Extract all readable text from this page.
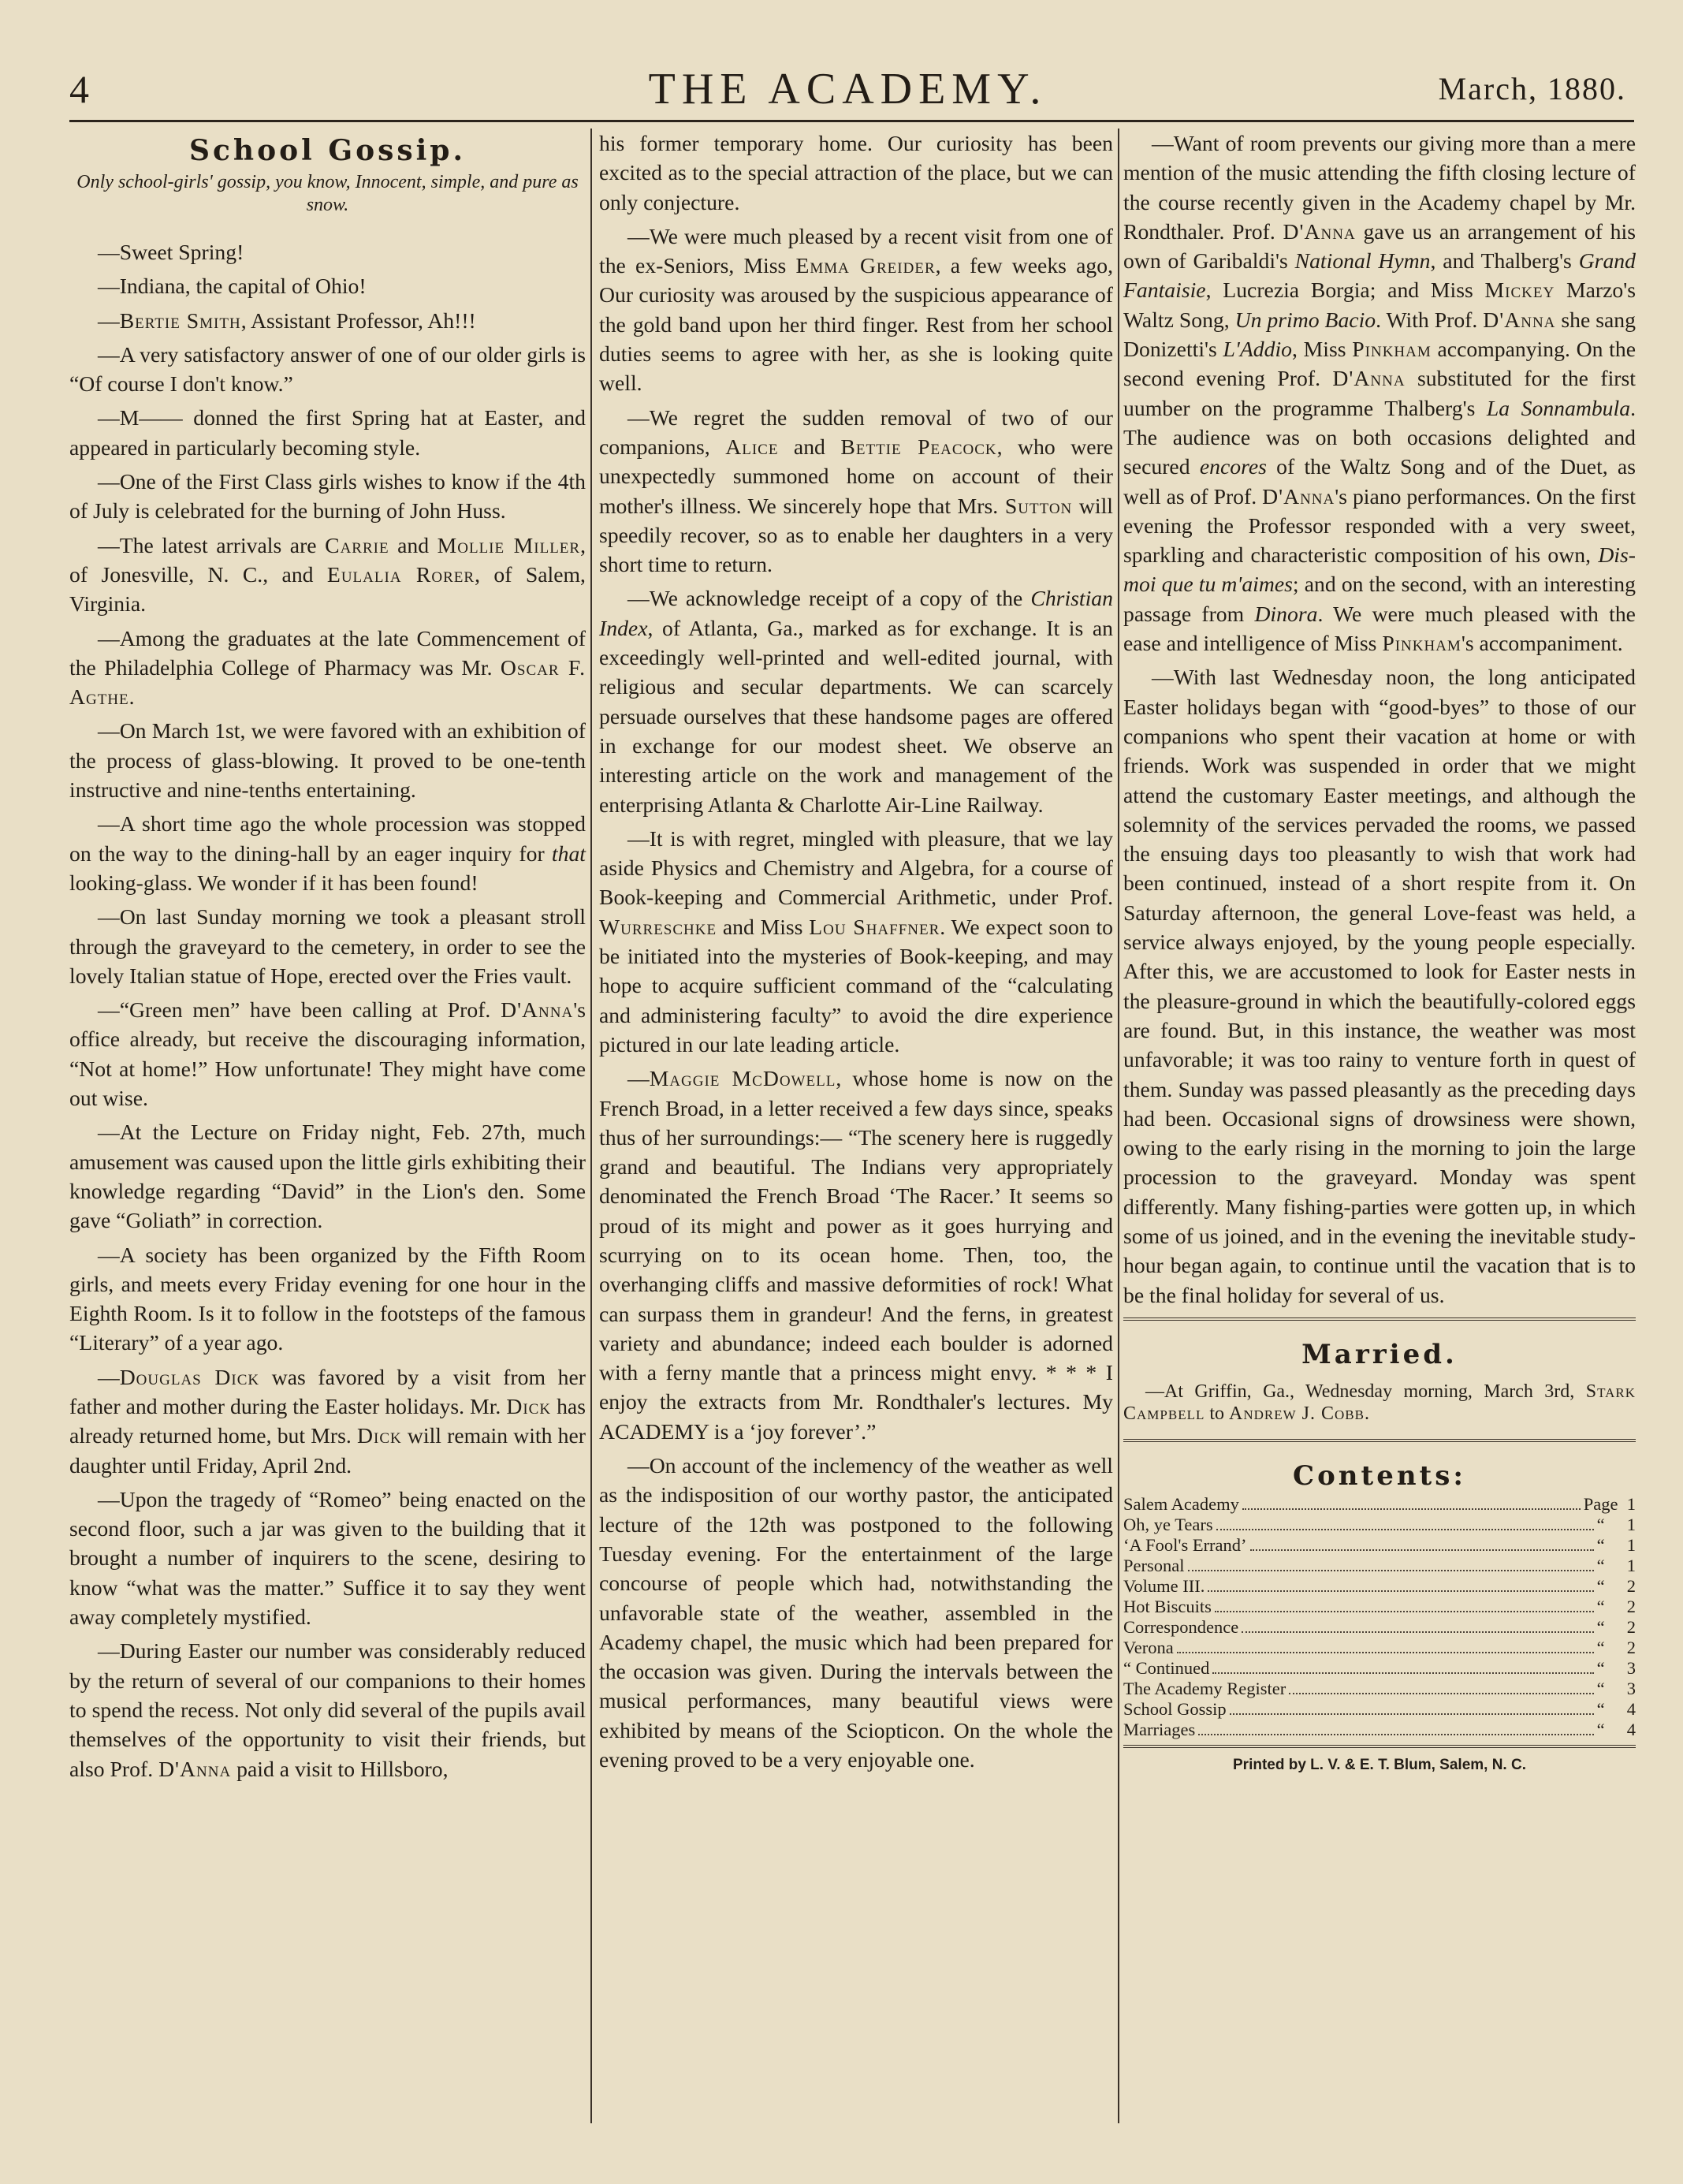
4	THE ACADEMY.	March, 1880.
School Gossip.
Only school-girls' gossip, you know, Innocent, simple, and pure as snow.

—Sweet Spring!

—Indiana, the capital of Ohio!

—Bertie Smith, Assistant Professor, Ah!!!

—A very satisfactory answer of one of our older girls is “Of course I don't know.”

—M—— donned the first Spring hat at Easter, and appeared in particularly becoming style.

—One of the First Class girls wishes to know if the 4th of July is celebrated for the burning of John Huss.

—The latest arrivals are Carrie and Mollie Miller, of Jonesville, N. C., and Eulalia Rorer, of Salem, Virginia.

—Among the graduates at the late Commencement of the Philadelphia College of Pharmacy was Mr. Oscar F. Agthe.

—On March 1st, we were favored with an exhibition of the process of glass-blowing. It proved to be one-tenth instructive and nine-tenths entertaining.

—A short time ago the whole procession was stopped on the way to the dining-hall by an eager inquiry for that looking-glass. We wonder if it has been found!

—On last Sunday morning we took a pleasant stroll through the graveyard to the cemetery, in order to see the lovely Italian statue of Hope, erected over the Fries vault.

—“Green men” have been calling at Prof. D'Anna's office already, but receive the discouraging information, “Not at home!” How unfortunate! They might have come out wise.

—At the Lecture on Friday night, Feb. 27th, much amusement was caused upon the little girls exhibiting their knowledge regarding “David” in the Lion's den. Some gave “Goliath” in correction.

—A society has been organized by the Fifth Room girls, and meets every Friday evening for one hour in the Eighth Room. Is it to follow in the footsteps of the famous “Literary” of a year ago.

—Douglas Dick was favored by a visit from her father and mother during the Easter holidays. Mr. Dick has already returned home, but Mrs. Dick will remain with her daughter until Friday, April 2nd.

—Upon the tragedy of “Romeo” being enacted on the second floor, such a jar was given to the building that it brought a number of inquirers to the scene, desiring to know “what was the matter.” Suffice it to say they went away completely mystified.

—During Easter our number was considerably reduced by the return of several of our companions to their homes to spend the recess. Not only did several of the pupils avail themselves of the opportunity to visit their friends, but also Prof. D'Anna paid a visit to Hillsboro,

his former temporary home. Our curiosity has been excited as to the special attraction of the place, but we can only conjecture.

—We were much pleased by a recent visit from one of the ex-Seniors, Miss Emma Greider, a few weeks ago, Our curiosity was aroused by the suspicious appearance of the gold band upon her third finger. Rest from her school duties seems to agree with her, as she is looking quite well.

—We regret the sudden removal of two of our companions, Alice and Bettie Peacock, who were unexpectedly summoned home on account of their mother's illness. We sincerely hope that Mrs. Sutton will speedily recover, so as to enable her daughters in a very short time to return.

—We acknowledge receipt of a copy of the Christian Index, of Atlanta, Ga., marked as for exchange. It is an exceedingly well-printed and well-edited journal, with religious and secular departments. We can scarcely persuade ourselves that these handsome pages are offered in exchange for our modest sheet. We observe an interesting article on the work and management of the enterprising Atlanta & Charlotte Air-Line Railway.

—It is with regret, mingled with pleasure, that we lay aside Physics and Chemistry and Algebra, for a course of Book-keeping and Commercial Arithmetic, under Prof. Wurreschke and Miss Lou Shaffner. We expect soon to be initiated into the mysteries of Book-keeping, and may hope to acquire sufficient command of the “calculating and administering faculty” to avoid the dire experience pictured in our late leading article.

—Maggie McDowell, whose home is now on the French Broad, in a letter received a few days since, speaks thus of her surroundings:— “The scenery here is ruggedly grand and beautiful. The Indians very appropriately denominated the French Broad ‘The Racer.’ It seems so proud of its might and power as it goes hurrying and scurrying on to its ocean home. Then, too, the overhanging cliffs and massive deformities of rock! What can surpass them in grandeur! And the ferns, in greatest variety and abundance; indeed each boulder is adorned with a ferny mantle that a princess might envy. * * * I enjoy the extracts from Mr. Rondthaler's lectures. My ACADEMY is a ‘joy forever’.”

—On account of the inclemency of the weather as well as the indisposition of our worthy pastor, the anticipated lecture of the 12th was postponed to the following Tuesday evening. For the entertainment of the large concourse of people which had, notwithstanding the unfavorable state of the weather, assembled in the Academy chapel, the music which had been prepared for the occasion was given. During the intervals between the musical performances, many beautiful views were exhibited by means of the Sciopticon. On the whole the evening proved to be a very enjoyable one.

—Want of room prevents our giving more than a mere mention of the music attending the fifth closing lecture of the course recently given in the Academy chapel by Mr. Rondthaler. Prof. D'Anna gave us an arrangement of his own of Garibaldi's National Hymn, and Thalberg's Grand Fantaisie, Lucrezia Borgia; and Miss Mickey Marzo's Waltz Song, Un primo Bacio. With Prof. D'Anna she sang Donizetti's L'Addio, Miss Pinkham accompanying. On the second evening Prof. D'Anna substituted for the first uumber on the programme Thalberg's La Sonnambula. The audience was on both occasions delighted and secured encores of the Waltz Song and of the Duet, as well as of Prof. D'Anna's piano performances. On the first evening the Professor responded with a very sweet, sparkling and characteristic composition of his own, Dis-moi que tu m'aimes; and on the second, with an interesting passage from Dinora. We were much pleased with the ease and intelligence of Miss Pinkham's accompaniment.

—With last Wednesday noon, the long anticipated Easter holidays began with “good-byes” to those of our companions who spent their vacation at home or with friends. Work was suspended in order that we might attend the customary Easter meetings, and although the solemnity of the services pervaded the rooms, we passed the ensuing days too pleasantly to wish that work had been continued, instead of a short respite from it. On Saturday afternoon, the general Love-feast was held, a service always enjoyed, by the young people especially. After this, we are accustomed to look for Easter nests in the pleasure-ground in which the beautifully-colored eggs are found. But, in this instance, the weather was most unfavorable; it was too rainy to venture forth in quest of them. Sunday was passed pleasantly as the preceding days had been. Occasional signs of drowsiness were shown, owing to the early rising in the morning to join the large procession to the graveyard. Monday was spent differently. Many fishing-parties were gotten up, in which some of us joined, and in the evening the inevitable study-hour began again, to continue until the vacation that is to be the final holiday for several of us.

Married.

—At Griffin, Ga., Wednesday morning, March 3rd, Stark Campbell to Andrew J. Cobb.

Contents:
Salem Academy	Page  1
Oh, ye Tears	“     1
‘A Fool's Errand’	“     1
Personal	“     1
Volume III.	“     2
Hot Biscuits	“     2
Correspondence	“     2
Verona	“     2
“ Continued	“     3
The Academy Register	“     3
School Gossip	“     4
Marriages	“     4
Printed by L. V. & E. T. Blum, Salem, N. C.
